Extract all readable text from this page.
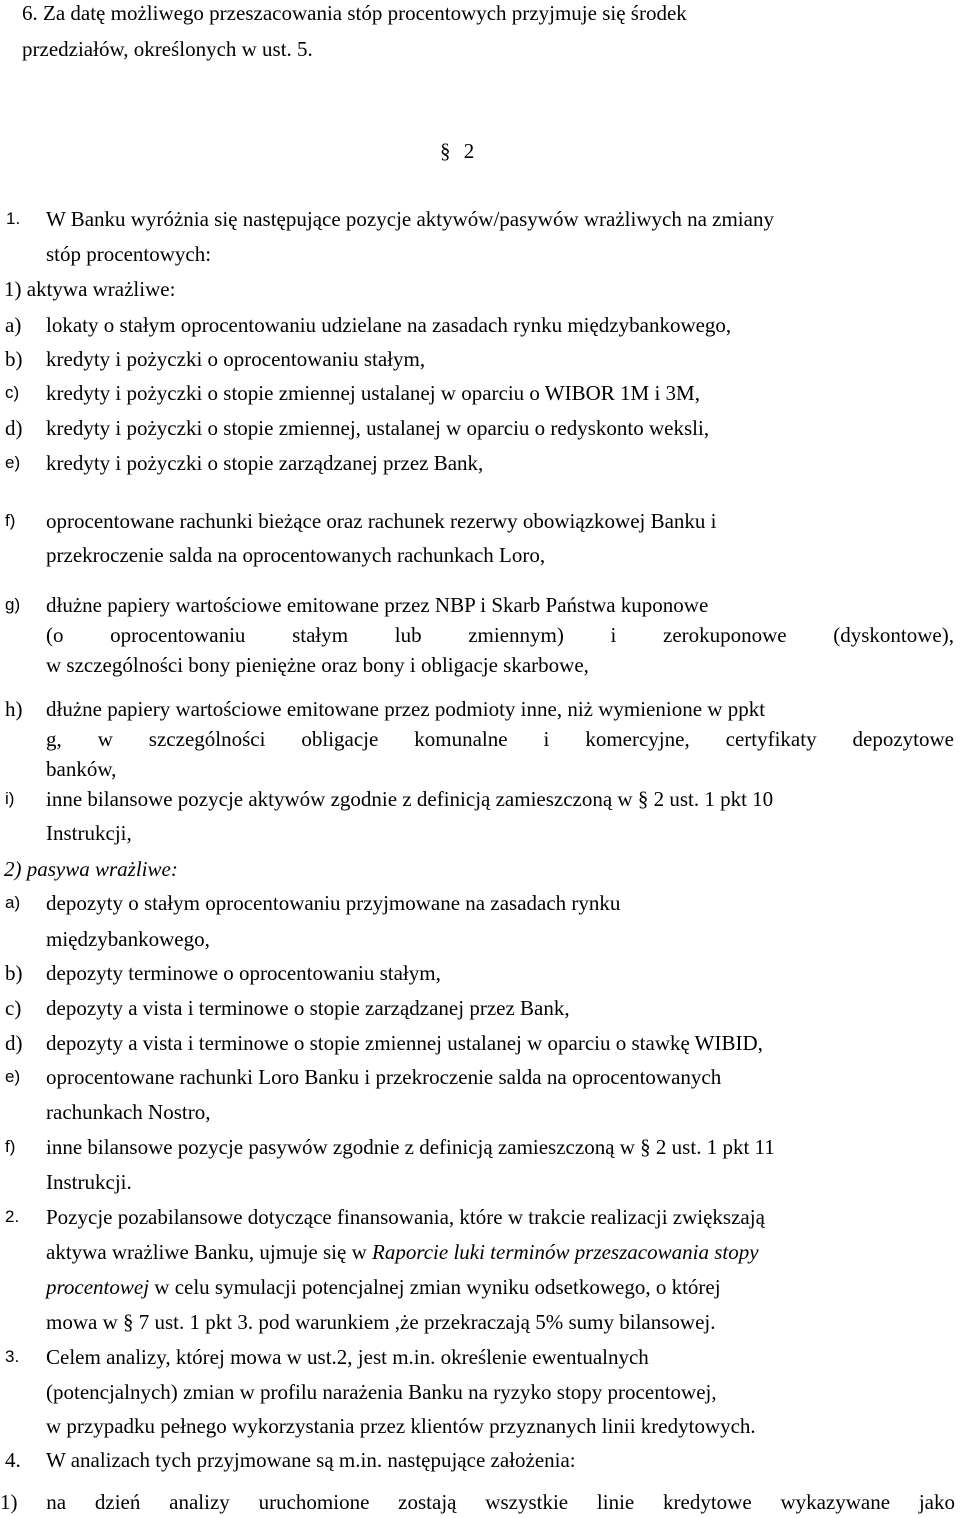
6. Za datę możliwego przeszacowania stóp procentowych przyjmuje się środek
przedziałów, określonych w ust. 5.
§ 2
1. W Banku wyróżnia się następujące pozycje aktywów/pasywów wrażliwych na zmiany
stóp procentowych:
1) aktywa wrażliwe:
a) lokaty o stałym oprocentowaniu udzielane na zasadach rynku międzybankowego,
b) kredyty i pożyczki o oprocentowaniu stałym,
c) kredyty i pożyczki o stopie zmiennej ustalanej w oparciu o WIBOR 1M i 3M,
d) kredyty i pożyczki o stopie zmiennej, ustalanej w oparciu o redyskonto weksli,
e) kredyty i pożyczki o stopie zarządzanej przez Bank,
f) oprocentowane rachunki bieżące oraz rachunek rezerwy obowiązkowej Banku i
przekroczenie salda na oprocentowanych rachunkach Loro,
g) dłużne papiery wartościowe emitowane przez NBP i Skarb Państwa kuponowe
(o oprocentowaniu stałym lub zmiennym) i zerokuponowe (dyskontowe),
w szczególności bony pieniężne oraz bony i obligacje skarbowe,
h) dłużne papiery wartościowe emitowane przez podmioty inne, niż wymienione w ppkt
g, w szczególności obligacje komunalne i komercyjne, certyfikaty depozytowe
banków,
i) inne bilansowe pozycje aktywów zgodnie z definicją zamieszczoną w § 2 ust. 1 pkt 10
Instrukcji,
2) pasywa wrażliwe:
a) depozyty o stałym oprocentowaniu przyjmowane na zasadach rynku
międzybankowego,
b) depozyty terminowe o oprocentowaniu stałym,
c) depozyty a vista i terminowe o stopie zarządzanej przez Bank,
d) depozyty a vista i terminowe o stopie zmiennej ustalanej w oparciu o stawkę WIBID,
e) oprocentowane rachunki Loro Banku i przekroczenie salda na oprocentowanych
rachunkach Nostro,
f) inne bilansowe pozycje pasywów zgodnie z definicją zamieszczoną w § 2 ust. 1 pkt 11
Instrukcji.
2. Pozycje pozabilansowe dotyczące finansowania, które w trakcie realizacji zwiększają
aktywa wrażliwe Banku, ujmuje się w Raporcie luki terminów przeszacowania stopy
procentowej w celu symulacji potencjalnej zmian wyniku odsetkowego, o której
mowa w § 7 ust. 1 pkt 3. pod warunkiem ,że przekraczają 5% sumy bilansowej.
3. Celem analizy, której mowa w ust.2, jest m.in. określenie ewentualnych
(potencjalnych) zmian w profilu narażenia Banku na ryzyko stopy procentowej,
w przypadku pełnego wykorzystania przez klientów przyznanych linii kredytowych.
4. W analizach tych przyjmowane są m.in. następujące założenia:
1) na dzień analizy uruchomione zostają wszystkie linie kredytowe wykazywane jako
